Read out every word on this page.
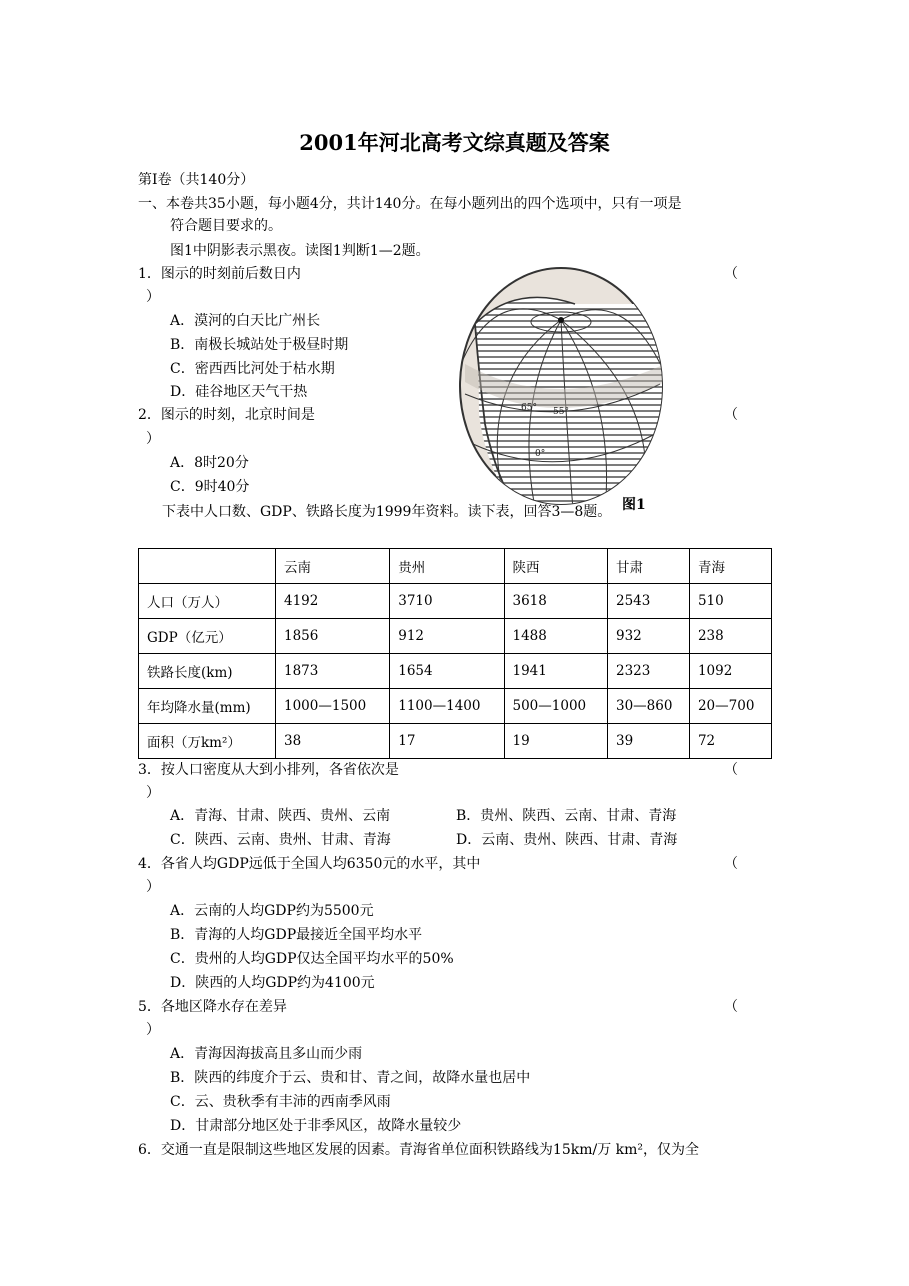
2001年河北高考文综真题及答案
第Ⅰ卷（共140分）
一、本卷共35小题，每小题4分，共计140分。在每小题列出的四个选项中，只有一项是
符合题目要求的。
图1中阴影表示黑夜。读图1判断1—2题。
1．图示的时刻前后数日内	（
）
A．漠河的白天比广州长
B．南极长城站处于极昼时期
C．密西西比河处于枯水期
D．硅谷地区天气干热
2．图示的时刻，北京时间是	（
）
A．8时20分
C．9时40分
下表中人口数、GDP、铁路长度为1999年资料。读下表，回答3—8题。
65° 55°
0°
图1
	云南	贵州	陕西	甘肃	青海
人口（万人）	4192	3710	3618	2543	510
GDP（亿元）	1856	912	1488	932	238
铁路长度(km)	1873	1654	1941	2323	1092
年均降水量(mm)	1000—1500	1100—1400	500—1000	30—860	20—700
面积（万km²）	38	17	19	39	72
3．按人口密度从大到小排列，各省依次是	（
）
A．青海、甘肃、陕西、贵州、云南	B．贵州、陕西、云南、甘肃、青海
C．陕西、云南、贵州、甘肃、青海	D．云南、贵州、陕西、甘肃、青海
4．各省人均GDP远低于全国人均6350元的水平，其中	（
）
A．云南的人均GDP约为5500元
B．青海的人均GDP最接近全国平均水平
C．贵州的人均GDP仅达全国平均水平的50%
D．陕西的人均GDP约为4100元
5．各地区降水存在差异	（
）
A．青海因海拔高且多山而少雨
B．陕西的纬度介于云、贵和甘、青之间，故降水量也居中
C．云、贵秋季有丰沛的西南季风雨
D．甘肃部分地区处于非季风区，故降水量较少
6．交通一直是限制这些地区发展的因素。青海省单位面积铁路线为15km/万 km²，仅为全
